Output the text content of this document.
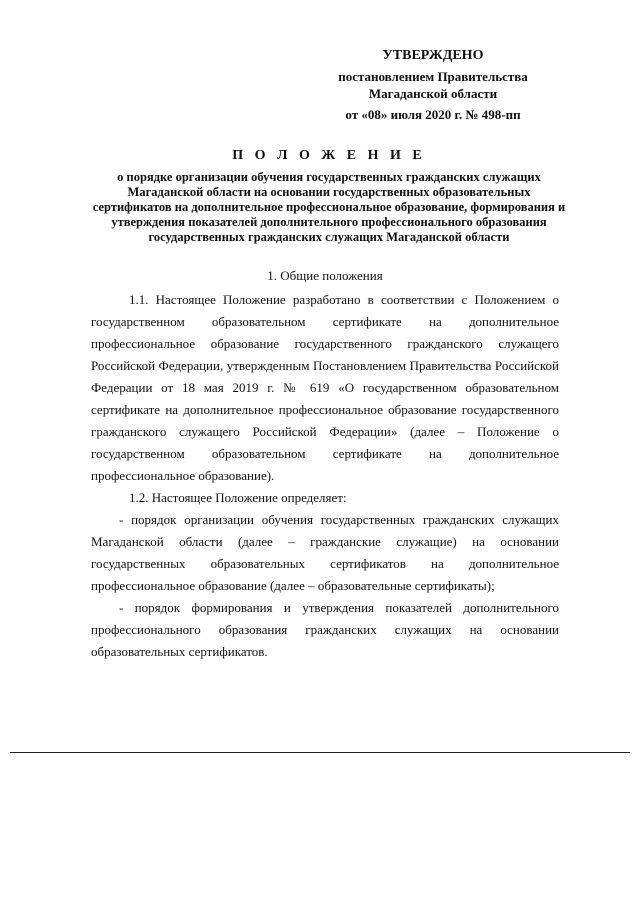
УТВЕРЖДЕНО
постановлением Правительства
Магаданской области
от «08» июля 2020 г. № 498-пп
П О Л О Ж Е Н И Е
о порядке организации обучения государственных гражданских служащих Магаданской области на основании государственных образовательных сертификатов на дополнительное профессиональное образование, формирования и утверждения показателей дополнительного профессионального образования государственных гражданских служащих Магаданской области
1. Общие положения

1.1. Настоящее Положение разработано в соответствии с Положением о государственном образовательном сертификате на дополнительное профессиональное образование государственного гражданского служащего Российской Федерации, утвержденным Постановлением Правительства Российской Федерации от 18 мая 2019 г. № 619 «О государственном образовательном сертификате на дополнительное профессиональное образование государственного гражданского служащего Российской Федерации» (далее – Положение о государственном образовательном сертификате на дополнительное профессиональное образование).

1.2. Настоящее Положение определяет:

- порядок организации обучения государственных гражданских служащих Магаданской области (далее – гражданские служащие) на основании государственных образовательных сертификатов на дополнительное профессиональное образование (далее – образовательные сертификаты);

- порядок формирования и утверждения показателей дополнительного профессионального образования гражданских служащих на основании образовательных сертификатов.
